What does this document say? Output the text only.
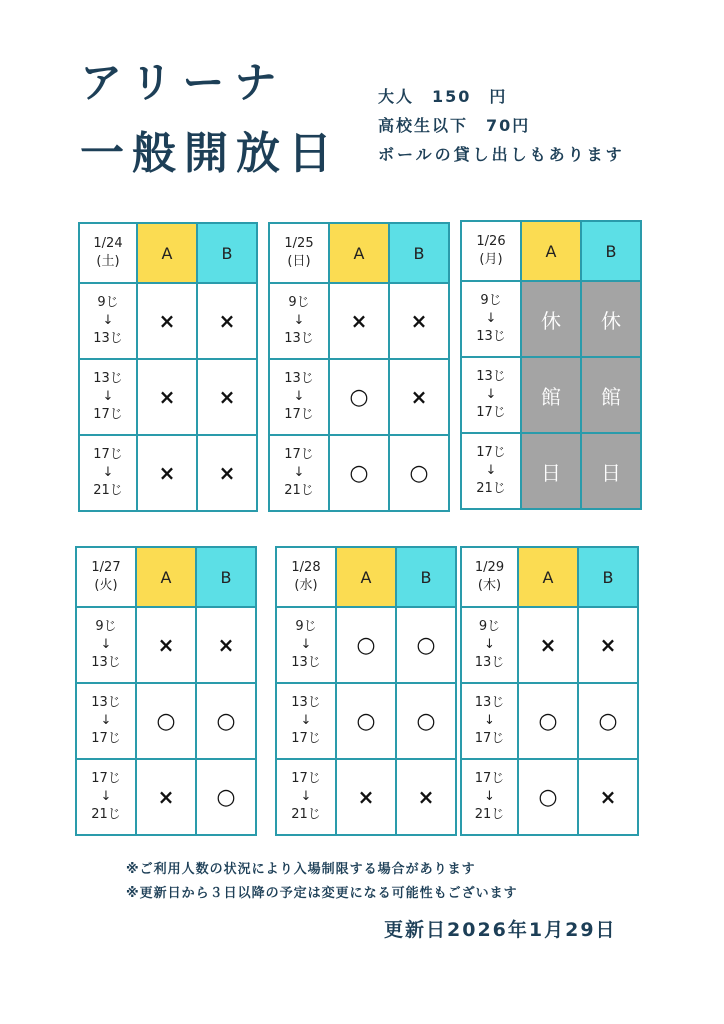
アリーナ
一般開放日
大人　150　円
高校生以下　70円
ボールの貸し出しもあります
1/24
(土)	A	B
9じ
↓
13じ	×	×
13じ
↓
17じ	×	×
17じ
↓
21じ	×	×
1/25
(日)	A	B
9じ
↓
13じ	×	×
13じ
↓
17じ	○	×
17じ
↓
21じ	○	○
1/26
(月)	A	B
9じ
↓
13じ	休	休
13じ
↓
17じ	館	館
17じ
↓
21じ	日	日
1/27
(火)	A	B
9じ
↓
13じ	×	×
13じ
↓
17じ	○	○
17じ
↓
21じ	×	○
1/28
(水)	A	B
9じ
↓
13じ	○	○
13じ
↓
17じ	○	○
17じ
↓
21じ	×	×
1/29
(木)	A	B
9じ
↓
13じ	×	×
13じ
↓
17じ	○	○
17じ
↓
21じ	○	×
※ご利用人数の状況により入場制限する場合があります
※更新日から３日以降の予定は変更になる可能性もございます
更新日2026年1月29日
